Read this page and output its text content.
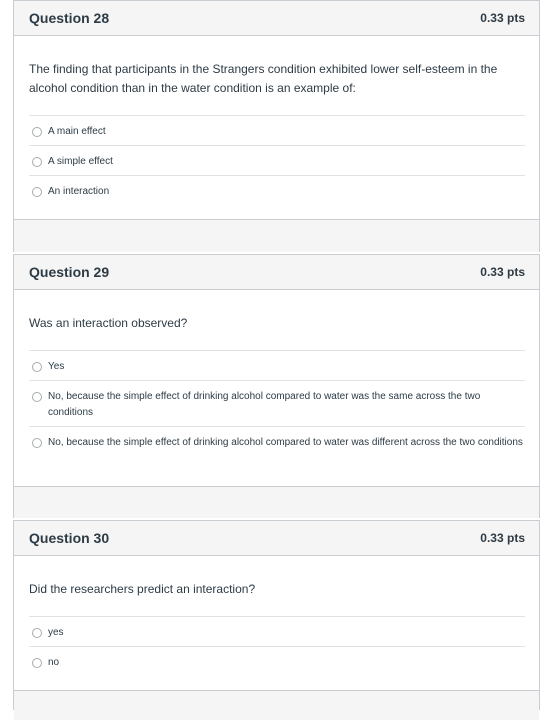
Question 28	0.33 pts
The finding that participants in the Strangers condition exhibited lower self-esteem in the alcohol condition than in the water condition is an example of:
A main effect
A simple effect
An interaction
Question 29	0.33 pts
Was an interaction observed?
Yes
No, because the simple effect of drinking alcohol compared to water was the same across the two conditions
No, because the simple effect of drinking alcohol compared to water was different across the two conditions
Question 30	0.33 pts
Did the researchers predict an interaction?
yes
no
